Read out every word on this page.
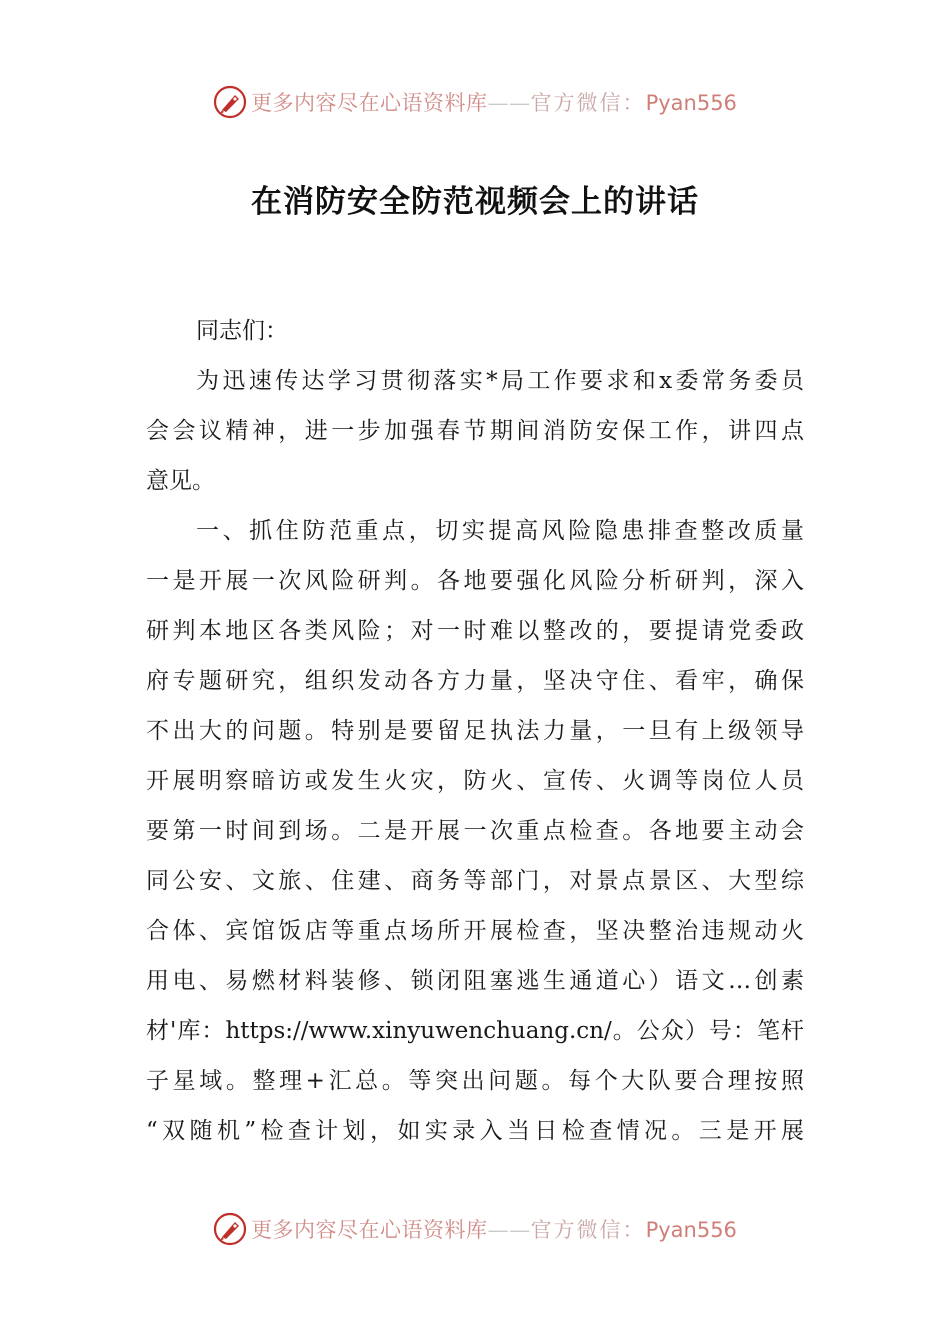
更多内容尽在心语资料库——官方微信：Pyan556
在消防安全防范视频会上的讲话
同志们：
为迅速传达学习贯彻落实*局工作要求和x委常务委员
会会议精神，进一步加强春节期间消防安保工作，讲四点
意见。
一、抓住防范重点，切实提高风险隐患排查整改质量
一是开展一次风险研判。各地要强化风险分析研判，深入
研判本地区各类风险；对一时难以整改的，要提请党委政
府专题研究，组织发动各方力量，坚决守住、看牢，确保
不出大的问题。特别是要留足执法力量，一旦有上级领导
开展明察暗访或发生火灾，防火、宣传、火调等岗位人员
要第一时间到场。二是开展一次重点检查。各地要主动会
同公安、文旅、住建、商务等部门，对景点景区、大型综
合体、宾馆饭店等重点场所开展检查，坚决整治违规动火
用电、易燃材料装修、锁闭阻塞逃生通道心）语文…创素
材'库：https://www.xinyuwenchuang.cn/。公众）号：笔杆
子星域。整理+汇总。等突出问题。每个大队要合理按照
“双随机”检查计划，如实录入当日检查情况。三是开展
更多内容尽在心语资料库——官方微信：Pyan556
